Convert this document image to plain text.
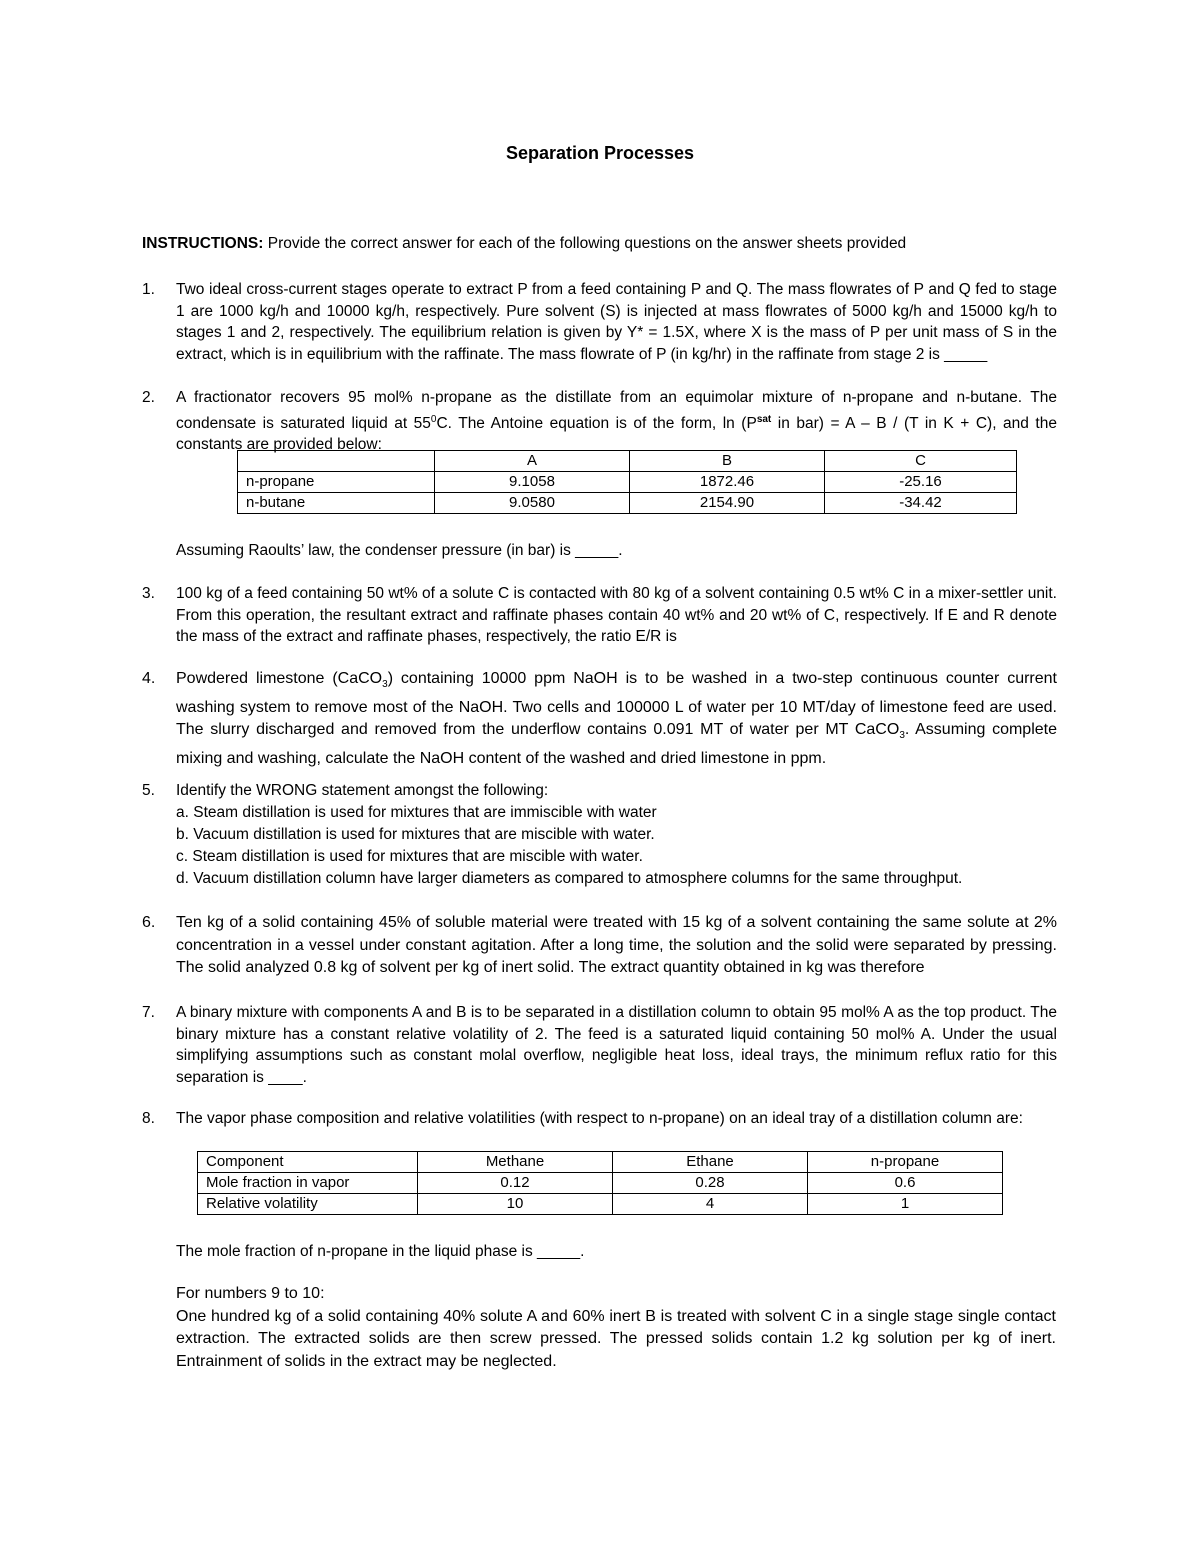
Separation Processes
INSTRUCTIONS: Provide the correct answer for each of the following questions on the answer sheets provided
1. Two ideal cross-current stages operate to extract P from a feed containing P and Q. The mass flowrates of P and Q fed to stage 1 are 1000 kg/h and 10000 kg/h, respectively. Pure solvent (S) is injected at mass flowrates of 5000 kg/h and 15000 kg/h to stages 1 and 2, respectively. The equilibrium relation is given by Y* = 1.5X, where X is the mass of P per unit mass of S in the extract, which is in equilibrium with the raffinate. The mass flowrate of P (in kg/hr) in the raffinate from stage 2 is _____
2. A fractionator recovers 95 mol% n-propane as the distillate from an equimolar mixture of n-propane and n-butane. The condensate is saturated liquid at $55^0C$. The Antoine equation is of the form, $\ln (P^{sat}$ in bar) = A – B / (T in K + C), and the constants are provided below:
	A	B	C
n-propane	9.1058	1872.46	-25.16
n-butane	9.0580	2154.90	-34.42
Assuming Raoults’ law, the condenser pressure (in bar) is _____.
3. 100 kg of a feed containing 50 wt% of a solute C is contacted with 80 kg of a solvent containing 0.5 wt% C in a mixer-settler unit. From this operation, the resultant extract and raffinate phases contain 40 wt% and 20 wt% of C, respectively. If E and R denote the mass of the extract and raffinate phases, respectively, the ratio E/R is
4. Powdered limestone (CaCO$_3$) containing 10000 ppm NaOH is to be washed in a two-step continuous counter current washing system to remove most of the NaOH. Two cells and 100000 L of water per 10 MT/day of limestone feed are used. The slurry discharged and removed from the underflow contains 0.091 MT of water per MT CaCO$_3$. Assuming complete mixing and washing, calculate the NaOH content of the washed and dried limestone in ppm.
5. Identify the WRONG statement amongst the following:
a. Steam distillation is used for mixtures that are immiscible with water
b. Vacuum distillation is used for mixtures that are miscible with water.
c. Steam distillation is used for mixtures that are miscible with water.
d. Vacuum distillation column have larger diameters as compared to atmosphere columns for the same throughput.
6. Ten kg of a solid containing 45% of soluble material were treated with 15 kg of a solvent containing the same solute at 2% concentration in a vessel under constant agitation. After a long time, the solution and the solid were separated by pressing. The solid analyzed 0.8 kg of solvent per kg of inert solid. The extract quantity obtained in kg was therefore
7. A binary mixture with components A and B is to be separated in a distillation column to obtain 95 mol% A as the top product. The binary mixture has a constant relative volatility of 2. The feed is a saturated liquid containing 50 mol% A. Under the usual simplifying assumptions such as constant molal overflow, negligible heat loss, ideal trays, the minimum reflux ratio for this separation is ____.
8. The vapor phase composition and relative volatilities (with respect to n-propane) on an ideal tray of a distillation column are:
Component	Methane	Ethane	n-propane
Mole fraction in vapor	0.12	0.28	0.6
Relative volatility	10	4	1
The mole fraction of n-propane in the liquid phase is _____.
For numbers 9 to 10:
One hundred kg of a solid containing 40% solute A and 60% inert B is treated with solvent C in a single stage single contact extraction. The extracted solids are then screw pressed. The pressed solids contain 1.2 kg solution per kg of inert. Entrainment of solids in the extract may be neglected.
